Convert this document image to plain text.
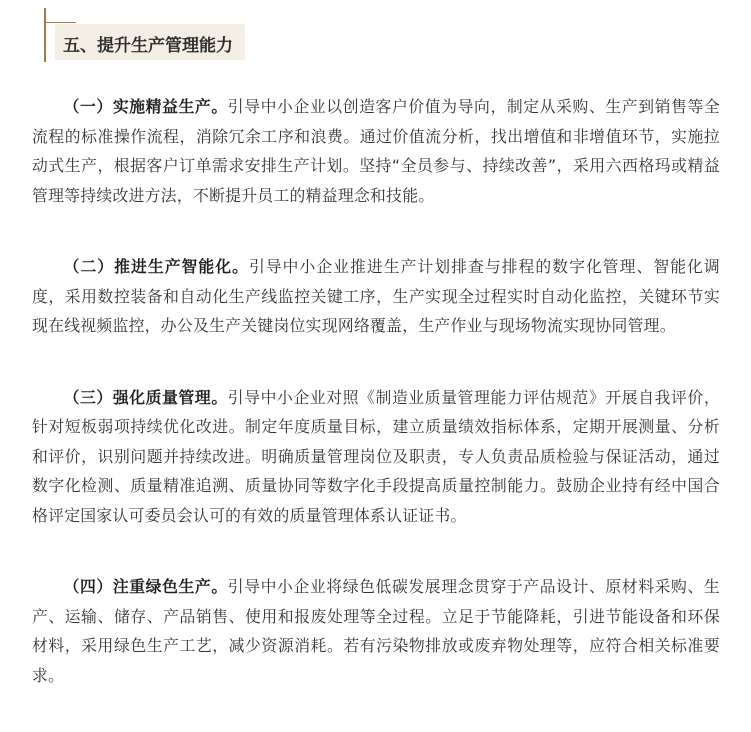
五、提升生产管理能力

（一）实施精益生产。引导中小企业以创造客户价值为导向，制定从采购、生产到销售等全流程的标准操作流程，消除冗余工序和浪费。通过价值流分析，找出增值和非增值环节，实施拉动式生产，根据客户订单需求安排生产计划。坚持“全员参与、持续改善”，采用六西格玛或精益管理等持续改进方法，不断提升员工的精益理念和技能。

（二）推进生产智能化。引导中小企业推进生产计划排查与排程的数字化管理、智能化调度，采用数控装备和自动化生产线监控关键工序，生产实现全过程实时自动化监控，关键环节实现在线视频监控，办公及生产关键岗位实现网络覆盖，生产作业与现场物流实现协同管理。

（三）强化质量管理。引导中小企业对照《制造业质量管理能力评估规范》开展自我评价，针对短板弱项持续优化改进。制定年度质量目标，建立质量绩效指标体系，定期开展测量、分析和评价，识别问题并持续改进。明确质量管理岗位及职责，专人负责品质检验与保证活动，通过数字化检测、质量精准追溯、质量协同等数字化手段提高质量控制能力。鼓励企业持有经中国合格评定国家认可委员会认可的有效的质量管理体系认证证书。

（四）注重绿色生产。引导中小企业将绿色低碳发展理念贯穿于产品设计、原材料采购、生产、运输、储存、产品销售、使用和报废处理等全过程。立足于节能降耗，引进节能设备和环保材料，采用绿色生产工艺，减少资源消耗。若有污染物排放或废弃物处理等，应符合相关标准要求。
